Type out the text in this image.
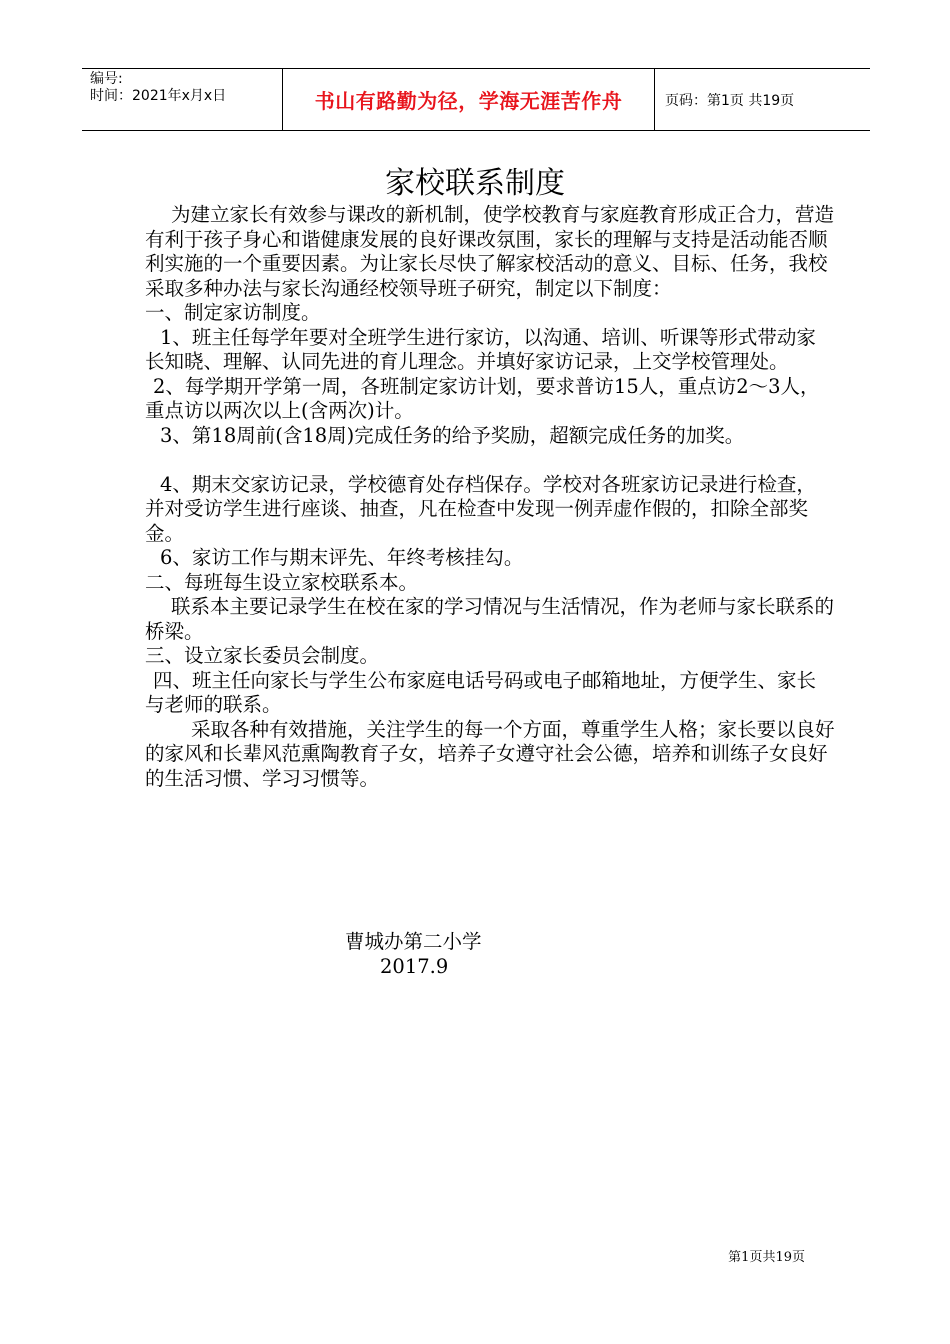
编号:
时间：2021年x月x日	书山有路勤为径，学海无涯苦作舟	页码：第1页 共19页
家校联系制度

为建立家长有效参与课改的新机制，使学校教育与家庭教育形成正合力，营造有利于孩子身心和谐健康发展的良好课改氛围，家长的理解与支持是活动能否顺利实施的一个重要因素。为让家长尽快了解家校活动的意义、目标、任务，我校采取多种办法与家长沟通经校领导班子研究，制定以下制度：

一、制定家访制度。

1、班主任每学年要对全班学生进行家访，以沟通、培训、听课等形式带动家长知晓、理解、认同先进的育儿理念。并填好家访记录，上交学校管理处。

2、每学期开学第一周，各班制定家访计划，要求普访15人，重点访2～3人，重点访以两次以上(含两次)计。

3、第18周前(含18周)完成任务的给予奖励，超额完成任务的加奖。

4、期末交家访记录，学校德育处存档保存。学校对各班家访记录进行检查，并对受访学生进行座谈、抽查，凡在检查中发现一例弄虚作假的，扣除全部奖金。

6、家访工作与期末评先、年终考核挂勾。

二、每班每生设立家校联系本。

联系本主要记录学生在校在家的学习情况与生活情况，作为老师与家长联系的桥梁。

三、设立家长委员会制度。

四、班主任向家长与学生公布家庭电话号码或电子邮箱地址，方便学生、家长与老师的联系。

采取各种有效措施，关注学生的每一个方面，尊重学生人格；家长要以良好的家风和长辈风范熏陶教育子女，培养子女遵守社会公德，培养和训练子女良好的生活习惯、学习习惯等。

曹城办第二小学
2017.9
第1页共19页
